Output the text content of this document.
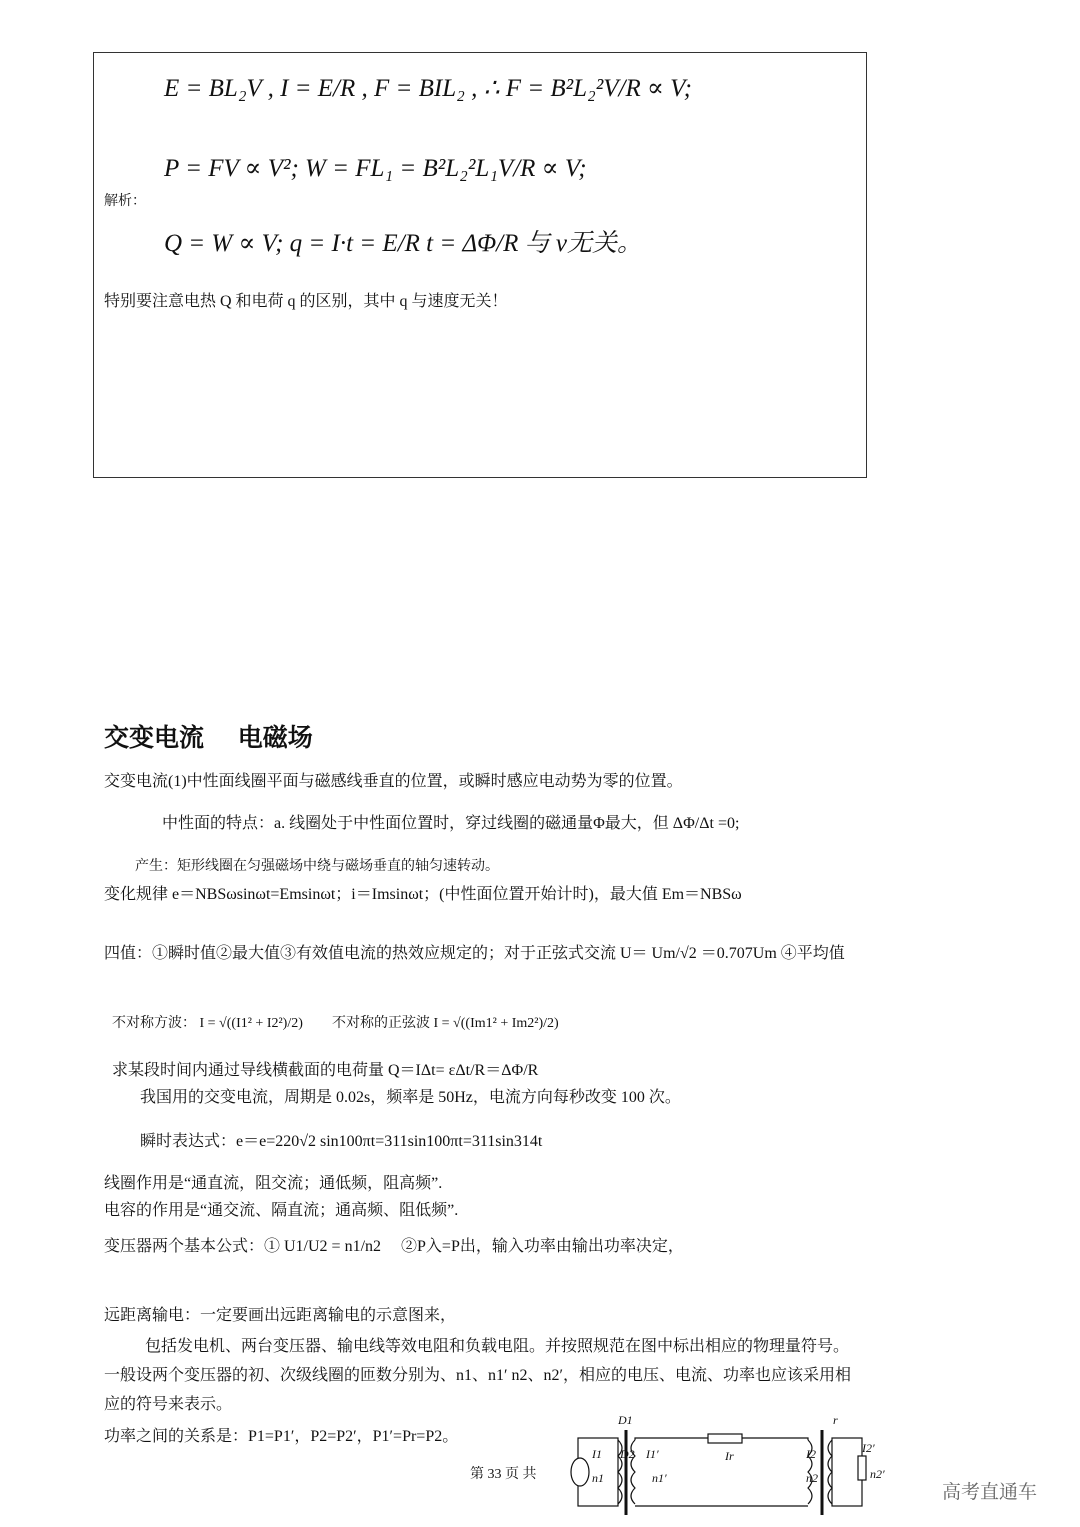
E = BL₂V , I = E/R , F = BIL₂ , ∴ F = B²L₂²V/R ∝ V;
P = FV ∝ V²; W = FL₁ = B²L₂²L₁V/R ∝ V;
解析：
Q = W ∝ V; q = I·t = E/R t = ΔΦ/R 与 v无关。
特别要注意电热 Q 和电荷 q 的区别，其中 q 与速度无关！
交变电流　 电磁场
交变电流(1)中性面线圈平面与磁感线垂直的位置，或瞬时感应电动势为零的位置。
中性面的特点：a. 线圈处于中性面位置时，穿过线圈的磁通量Φ最大，但 ΔΦ/Δt =0;
产生：矩形线圈在匀强磁场中绕与磁场垂直的轴匀速转动。
变化规律 e＝NBSωsinωt=Emsinωt；i＝Imsinωt；(中性面位置开始计时)，最大值 Em＝NBSω
四值：①瞬时值②最大值③有效值电流的热效应规定的；对于正弦式交流 U＝ Um/√2 ＝0.707Um ④平均值
不对称方波： I = √((I1² + I2²)/2) 不对称的正弦波 I = √((Im1² + Im2²)/2)
求某段时间内通过导线横截面的电荷量 Q＝IΔt= εΔt/R＝ΔΦ/R
我国用的交变电流，周期是 0.02s，频率是 50Hz，电流方向每秒改变 100 次。
瞬时表达式：e＝e=220√2 sin100πt=311sin100πt=311sin314t
线圈作用是“通直流，阻交流；通低频，阻高频”.
电容的作用是“通交流、隔直流；通高频、阻低频”.
变压器两个基本公式：① U1/U2 = n1/n2 　②P入=P出，输入功率由输出功率决定，
远距离输电：一定要画出远距离输电的示意图来，
包括发电机、两台变压器、输电线等效电阻和负载电阻。并按照规范在图中标出相应的物理量符号。
一般设两个变压器的初、次级线圈的匝数分别为、n1、n1′ n2、n2′，相应的电压、电流、功率也应该采用相
应的符号来表示。
功率之间的关系是：P1=P1′，P2=P2′，P1′=Pr=P2。
D1
I1
n1
D2 I1′
n1′
Ir	I2
n2
r
I2′
n2′
第 33 页 共
高考直通车
